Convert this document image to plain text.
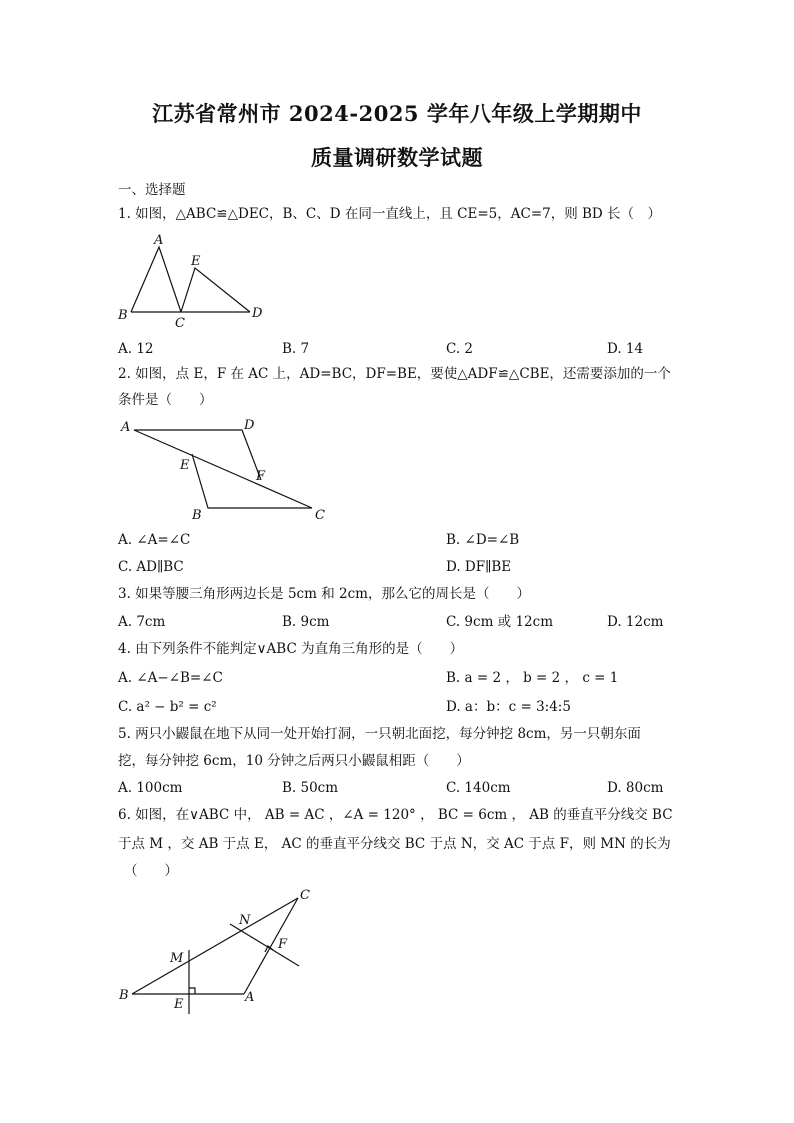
江苏省常州市 2024-2025 学年八年级上学期期中
质量调研数学试题
一、选择题
1. 如图，△ABC≌△DEC，B、C、D 在同一直线上，且 CE=5，AC=7，则 BD 长（　）
A
E
B
C
D
A. 12	B. 7	C. 2	D. 14
2. 如图，点 E，F 在 AC 上，AD=BC，DF=BE，要使△ADF≌△CBE，还需要添加的一个
条件是（　　）
A	D
E
F
B	C
A. ∠A=∠C	B. ∠D=∠B
C. AD∥BC	D. DF∥BE
3. 如果等腰三角形两边长是 5cm 和 2cm，那么它的周长是（　　）
A. 7cm	B. 9cm	C. 9cm 或 12cm	D. 12cm
4. 由下列条件不能判定∨ABC 为直角三角形的是（　　）
A. ∠A−∠B=∠C	B. a = 2 ， b = 2 ， c = 1
C. a² − b² = c²	D. a：b：c = 3:4:5
5. 两只小鼹鼠在地下从同一处开始打洞，一只朝北面挖，每分钟挖 8cm，另一只朝东面
挖，每分钟挖 6cm，10 分钟之后两只小鼹鼠相距（　　）
A. 100cm	B. 50cm	C. 140cm	D. 80cm
6. 如图，在∨ABC 中， AB = AC ，∠A = 120° ， BC = 6cm ， AB 的垂直平分线交 BC
于点 M ，交 AB 于点 E， AC 的垂直平分线交 BC 于点 N，交 AC 于点 F，则 MN 的长为
（　　）
C
N
F
M
B
E	A
